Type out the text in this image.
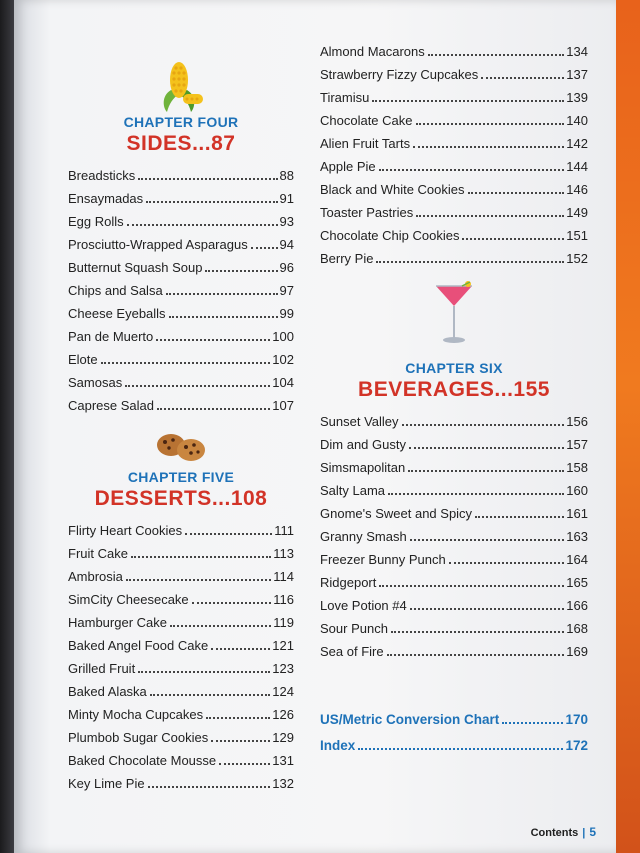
CHAPTER FOUR
SIDES...87
Breadsticks	88
Ensaymadas	91
Egg Rolls	93
Prosciutto-Wrapped Asparagus 94
Butternut Squash Soup	96
Chips and Salsa	97
Cheese Eyeballs	99
Pan de Muerto	100
Elote	102
Samosas	104
Caprese Salad	107
CHAPTER FIVE
DESSERTS...108
Flirty Heart Cookies	111
Fruit Cake	113
Ambrosia	114
SimCity Cheesecake	116
Hamburger Cake	119
Baked Angel Food Cake	121
Grilled Fruit	123
Baked Alaska	124
Minty Mocha Cupcakes	126
Plumbob Sugar Cookies	129
Baked Chocolate Mousse	131
Key Lime Pie	132
Almond Macarons	134
Strawberry Fizzy Cupcakes	137
Tiramisu	139
Chocolate Cake	140
Alien Fruit Tarts	142
Apple Pie	144
Black and White Cookies	146
Toaster Pastries	149
Chocolate Chip Cookies	151
Berry Pie	152
CHAPTER SIX
BEVERAGES...155
Sunset Valley	156
Dim and Gusty	157
Simsmapolitan	158
Salty Lama	160
Gnome's Sweet and Spicy	161
Granny Smash	163
Freezer Bunny Punch	164
Ridgeport	165
Love Potion #4	166
Sour Punch	168
Sea of Fire	169
US/Metric Conversion Chart	170
Index	172
Contents | 5
